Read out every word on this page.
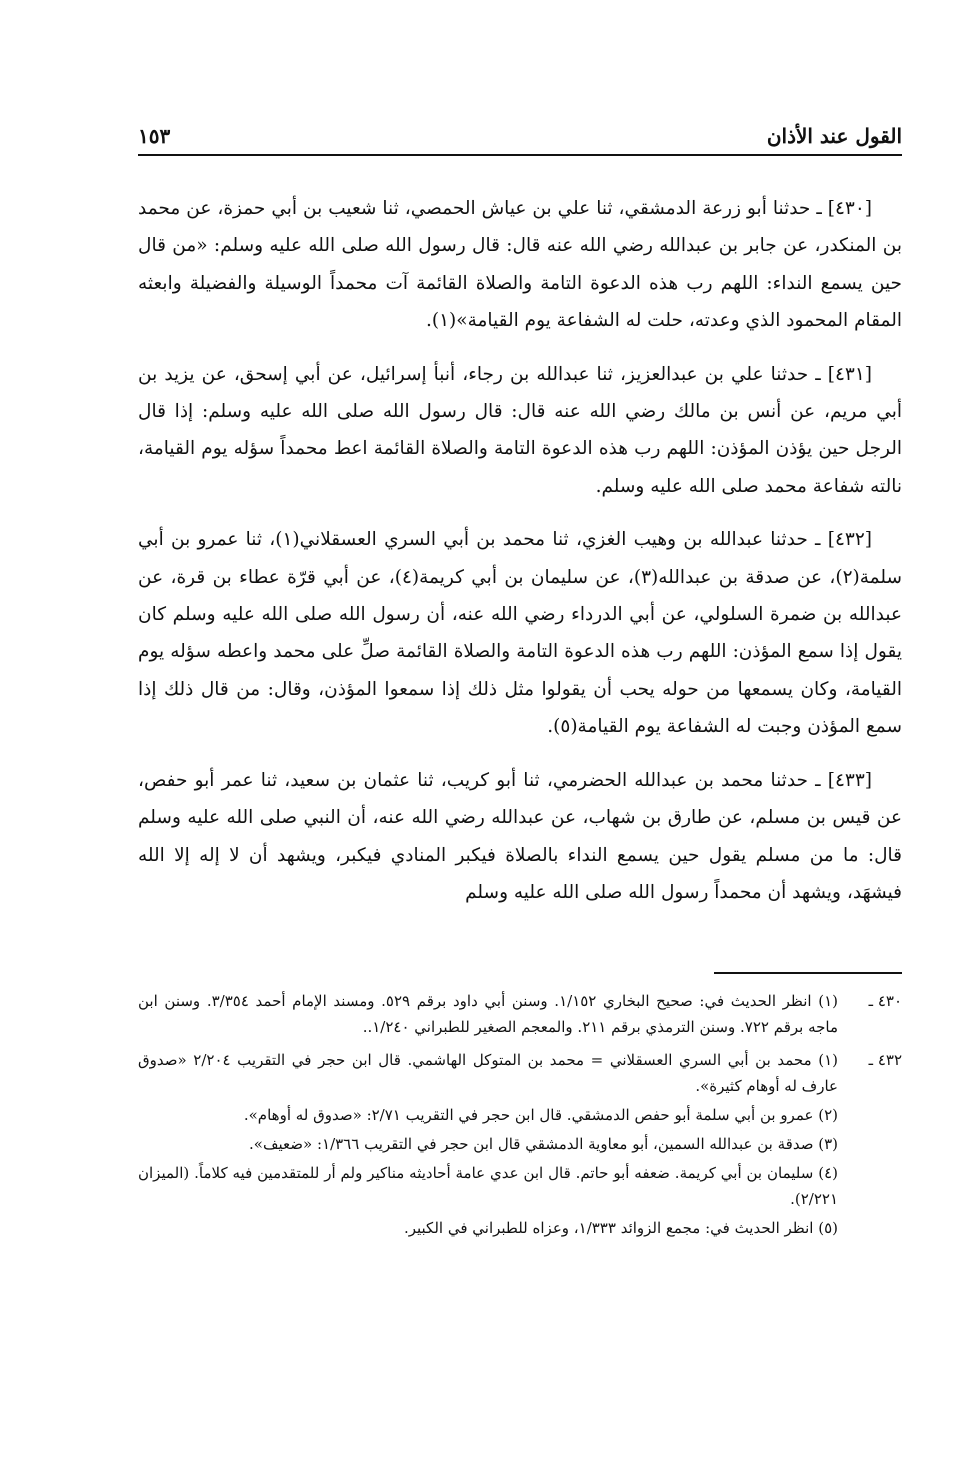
القول عند الأذان
١٥٣

[٤٣٠] ـ حدثنا أبو زرعة الدمشقي، ثنا علي بن عياش الحمصي، ثنا شعيب بن أبي حمزة، عن محمد بن المنكدر، عن جابر بن عبدالله رضي الله عنه قال: قال رسول الله صلى الله عليه وسلم: «من قال حين يسمع النداء: اللهم رب هذه الدعوة التامة والصلاة القائمة آت محمداً الوسيلة والفضيلة وابعثه المقام المحمود الذي وعدته، حلت له الشفاعة يوم القيامة»(١).

[٤٣١] ـ حدثنا علي بن عبدالعزيز، ثنا عبدالله بن رجاء، أنبأ إسرائيل، عن أبي إسحق، عن يزيد بن أبي مريم، عن أنس بن مالك رضي الله عنه قال: قال رسول الله صلى الله عليه وسلم: إذا قال الرجل حين يؤذن المؤذن: اللهم رب هذه الدعوة التامة والصلاة القائمة اعط محمداً سؤله يوم القيامة، نالته شفاعة محمد صلى الله عليه وسلم.

[٤٣٢] ـ حدثنا عبدالله بن وهيب الغزي، ثنا محمد بن أبي السري العسقلاني(١)، ثنا عمرو بن أبي سلمة(٢)، عن صدقة بن عبدالله(٣)، عن سليمان بن أبي كريمة(٤)، عن أبي قرّة عطاء بن قرة، عن عبدالله بن ضمرة السلولي، عن أبي الدرداء رضي الله عنه، أن رسول الله صلى الله عليه وسلم كان يقول إذا سمع المؤذن: اللهم رب هذه الدعوة التامة والصلاة القائمة صلِّ على محمد واعطه سؤله يوم القيامة، وكان يسمعها من حوله يحب أن يقولوا مثل ذلك إذا سمعوا المؤذن، وقال: من قال ذلك إذا سمع المؤذن وجبت له الشفاعة يوم القيامة(٥).

[٤٣٣] ـ حدثنا محمد بن عبدالله الحضرمي، ثنا أبو كريب، ثنا عثمان بن سعيد، ثنا عمر أبو حفص، عن قيس بن مسلم، عن طارق بن شهاب، عن عبدالله رضي الله عنه، أن النبي صلى الله عليه وسلم قال: ما من مسلم يقول حين يسمع النداء بالصلاة فيكبر المنادي فيكبر، ويشهد أن لا إله إلا الله فيشهَد، ويشهد أن محمداً رسول الله صلى الله عليه وسلم

٤٣٠ ـ

(١) انظر الحديث في: صحيح البخاري ١/١٥٢. وسنن أبي داود برقم ٥٢٩. ومسند الإمام أحمد ٣/٣٥٤. وسنن ابن ماجه برقم ٧٢٢. وسنن الترمذي برقم ٢١١. والمعجم الصغير للطبراني ١/٢٤٠..

٤٣٢ ـ

(١) محمد بن أبي السري العسقلاني = محمد بن المتوكل الهاشمي. قال ابن حجر في التقريب ٢/٢٠٤ «صدوق عارف له أوهام كثيرة».

(٢) عمرو بن أبي سلمة أبو حفص الدمشقي. قال ابن حجر في التقريب ٢/٧١: «صدوق له أوهام».

(٣) صدقة بن عبدالله السمين، أبو معاوية الدمشقي قال ابن حجر في التقريب ١/٣٦٦: «ضعيف».

(٤) سليمان بن أبي كريمة. ضعفه أبو حاتم. قال ابن عدي عامة أحاديثه مناكير ولم أر للمتقدمين فيه كلاماً. (الميزان ٢/٢٢١).

(٥) انظر الحديث في: مجمع الزوائد ١/٣٣٣، وعزاه للطبراني في الكبير.
